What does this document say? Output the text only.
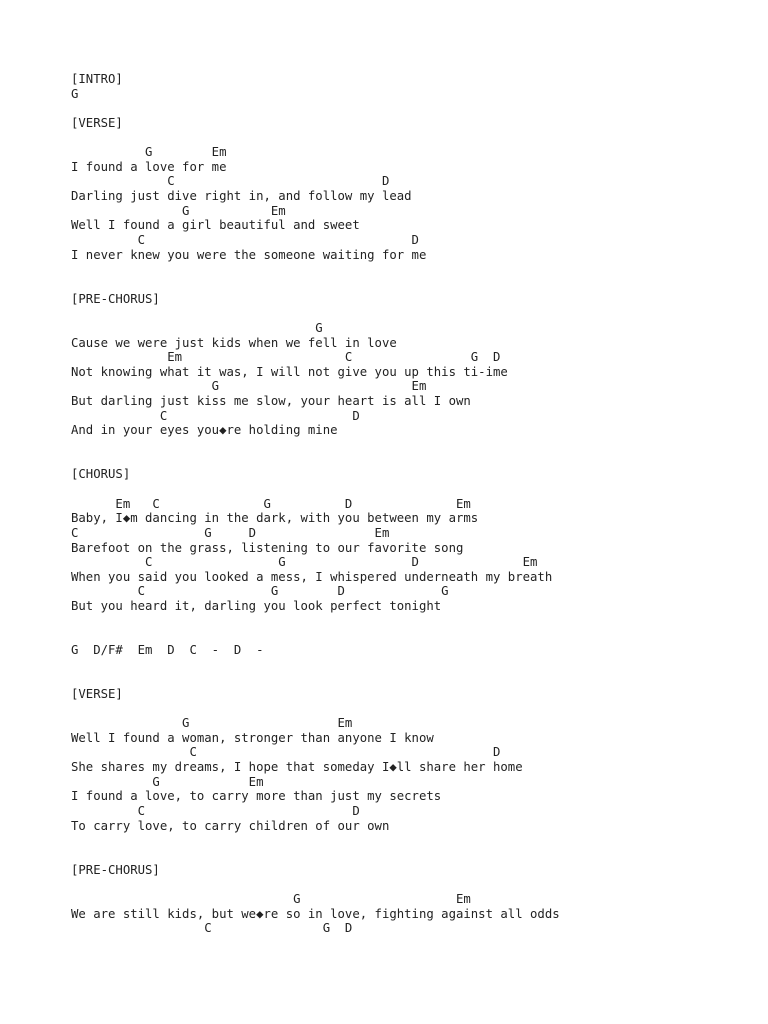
[INTRO]
G
[VERSE]
G        Em
I found a love for me
C                            D
Darling just dive right in, and follow my lead
G           Em
Well I found a girl beautiful and sweet
C                                    D
I never knew you were the someone waiting for me
[PRE-CHORUS]
G
Cause we were just kids when we fell in love
Em                      C                G  D
Not knowing what it was, I will not give you up this ti-ime
G                          Em
But darling just kiss me slow, your heart is all I own
C                         D
And in your eyes you◆re holding mine
[CHORUS]
Em   C              G          D              Em
Baby, I◆m dancing in the dark, with you between my arms
C                 G     D                Em
Barefoot on the grass, listening to our favorite song
C                 G                 D              Em
When you said you looked a mess, I whispered underneath my breath
C                 G        D             G
But you heard it, darling you look perfect tonight
G  D/F#  Em  D  C  -  D  -
[VERSE]
G                    Em
Well I found a woman, stronger than anyone I know
C                                        D
She shares my dreams, I hope that someday I◆ll share her home
G            Em
I found a love, to carry more than just my secrets
C                            D
To carry love, to carry children of our own
[PRE-CHORUS]
G                     Em
We are still kids, but we◆re so in love, fighting against all odds
C               G  D
